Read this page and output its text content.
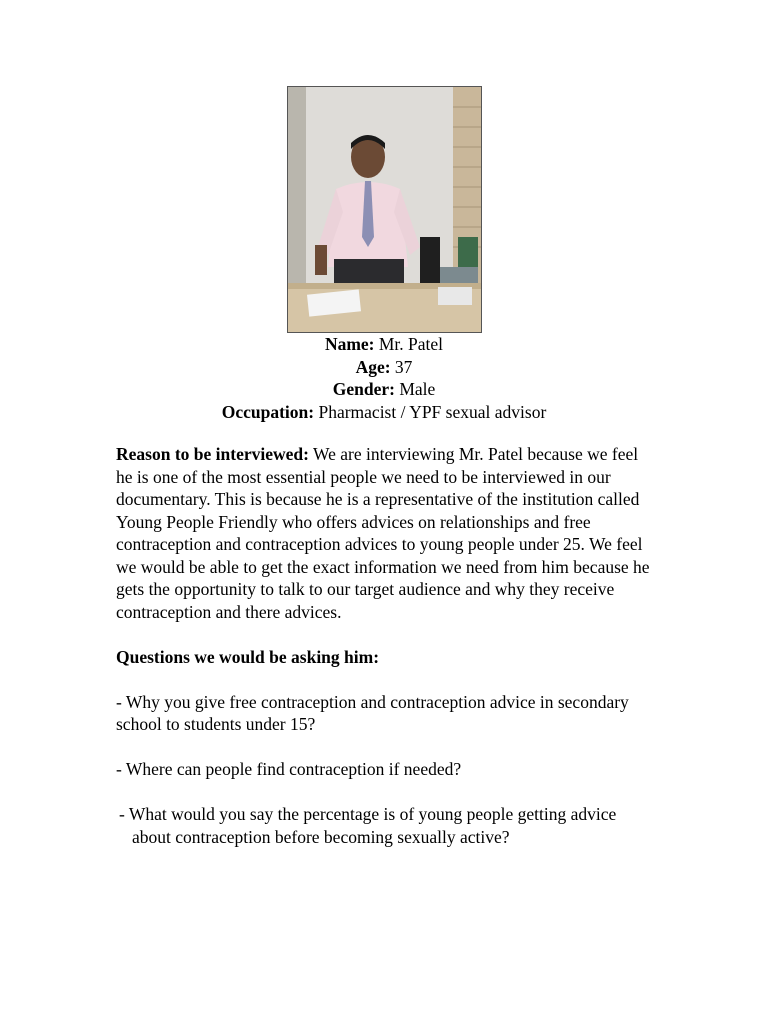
Name: Mr. Patel
Age: 37
Gender: Male
Occupation: Pharmacist / YPF sexual advisor

Reason to be interviewed: We are interviewing Mr. Patel because we feel he is one of the most essential people we need to be interviewed in our documentary. This is because he is a representative of the institution called Young People Friendly who offers advices on relationships and free contraception and contraception advices to young people under 25. We feel we would be able to get the exact information we need from him because he gets the opportunity to talk to our target audience and why they receive contraception and there advices.

Questions we would be asking him:

- Why you give free contraception and contraception advice in secondary school to students under 15?

- Where can people find contraception if needed?

- What would you say the percentage is of young people getting advice about contraception before becoming sexually active?
